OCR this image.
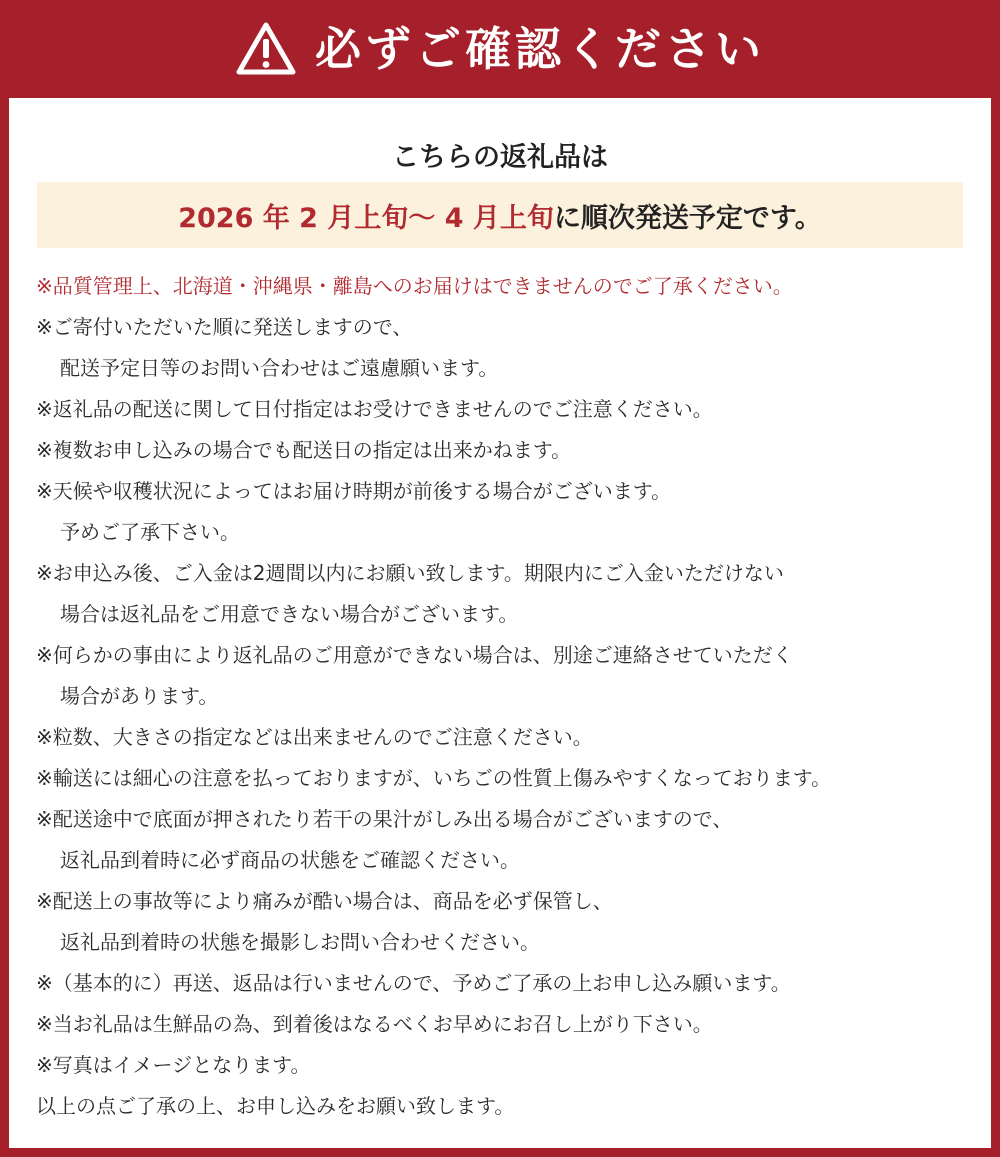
必ずご確認ください
こちらの返礼品は
2026 年 2 月上旬〜 4 月上旬 に順次発送予定です。
※品質管理上、北海道・沖縄県・離島へのお届けはできませんのでご了承ください。
※ご寄付いただいた順に発送しますので、
配送予定日等のお問い合わせはご遠慮願います。
※返礼品の配送に関して日付指定はお受けできませんのでご注意ください。
※複数お申し込みの場合でも配送日の指定は出来かねます。
※天候や収穫状況によってはお届け時期が前後する場合がございます。
予めご了承下さい。
※お申込み後、ご入金は2週間以内にお願い致します。期限内にご入金いただけない
場合は返礼品をご用意できない場合がございます。
※何らかの事由により返礼品のご用意ができない場合は、別途ご連絡させていただく
場合があります。
※粒数、大きさの指定などは出来ませんのでご注意ください。
※輸送には細心の注意を払っておりますが、いちごの性質上傷みやすくなっております。
※配送途中で底面が押されたり若干の果汁がしみ出る場合がございますので、
返礼品到着時に必ず商品の状態をご確認ください。
※配送上の事故等により痛みが酷い場合は、商品を必ず保管し、
返礼品到着時の状態を撮影しお問い合わせください。
※（基本的に）再送、返品は行いませんので、予めご了承の上お申し込み願います。
※当お礼品は生鮮品の為、到着後はなるべくお早めにお召し上がり下さい。
※写真はイメージとなります。
以上の点ご了承の上、お申し込みをお願い致します。
